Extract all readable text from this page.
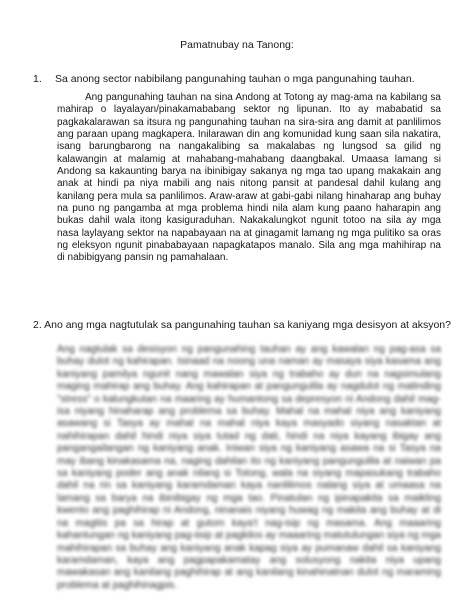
Pamatnubay na Tanong:
1. Sa anong sector nabibilang pangunahing tauhan o mga pangunahing tauhan.
Ang pangunahing tauhan na sina Andong at Totong ay mag-ama na kabilang sa mahirap o layalayan/pinakamababang sektor ng lipunan. Ito ay mababatid sa pagkakalarawan sa itsura ng pangunahing tauhan na sira-sira ang damit at panlilimos ang paraan upang magkapera. Inilarawan din ang komunidad kung saan sila nakatira, isang barungbarong na nangakalibing sa makalabas ng lungsod sa gilid ng kalawangin at malamig at mahabang-mahabang daangbakal. Umaasa lamang si Andong sa kakaunting barya na ibinibigay sakanya ng mga tao upang makakain ang anak at hindi pa niya mabili ang nais nitong pansit at pandesal dahil kulang ang kanilang pera mula sa panlilimos. Araw-araw at gabi-gabi nilang hinaharap ang buhay na puno ng pangamba at mga problema hindi nila alam kung paano haharapin ang bukas dahil wala itong kasiguraduhan. Nakakalungkot ngunit totoo na sila ay mga nasa laylayang sektor na napabayaan na at ginagamit lamang ng mga pulitiko sa oras ng eleksyon ngunit pinababayaan napagkatapos manalo. Sila ang mga mahihirap na di nabibigyang pansin ng pamahalaan.
2. Ano ang mga nagtutulak sa pangunahing tauhan sa kaniyang mga desisyon at aksyon?
Ang nagtulak sa desisyon ng pangunahing tauhan ay ang kawalan ng pag-asa sa buhay dulot ng kahirapan. Isinaad na noong una naman ay masaya siya kasama ang kaniyang pamilya ngunit nang mawalan siya ng trabaho ay dun na nagsimulang maging mahirap ang buhay. Ang kahirapan at pangungulila ay nagdulot ng matinding "stress" o kalungkutan na maaring ay humantong sa depresyon ni Andong dahil mag-isa niyang hinaharap ang problema sa buhay. Mahal na mahal niya ang kaniyang asawang si Tasya ay mahal na mahal niya kaya masyado siyang nasaktan at nahihirapan dahil hindi niya siya tutad ng dati, hindi na niya kayang ibigay ang pangangailangan ng kaniyang anak. Iniwan siya ng kaniyang asawa na si Tasya na may ibang kinakasama na, naging dahilan ito ng kaniyang pangungulila at naiwan pa sa kaniyang poder ang anak nilang si Totong, wala na siyang mapasukang trabaho dahil na rin sa kaniyang karamdaman kaya nanlilimos nalang siya at umaasa na lamang sa barya na ibinibigay ng mga tao. Pinatulan ng ipinapakita sa maikling kwento ang paghihirap ni Andong, ninanais niyang huwag ng makita ang buhay at di na magtiis pa sa hirap at gutom kaya't nag-isip ng masama. Ang maaaring kahantungan ng kaniyang pag-iisip at pagkilos ay maaaring matutulungan siya ng mga mahihirapan sa buhay ang kaniyang anak kapag siya ay pumanaw dahil sa kaniyang karamdaman, kaya ang pagpapakamatay ang solusyong nakita niya upang mawakasan ang kanilang paghihirap at ang kanilang kinahinatnan dulot ng maraming problema at paghihinagpis.
